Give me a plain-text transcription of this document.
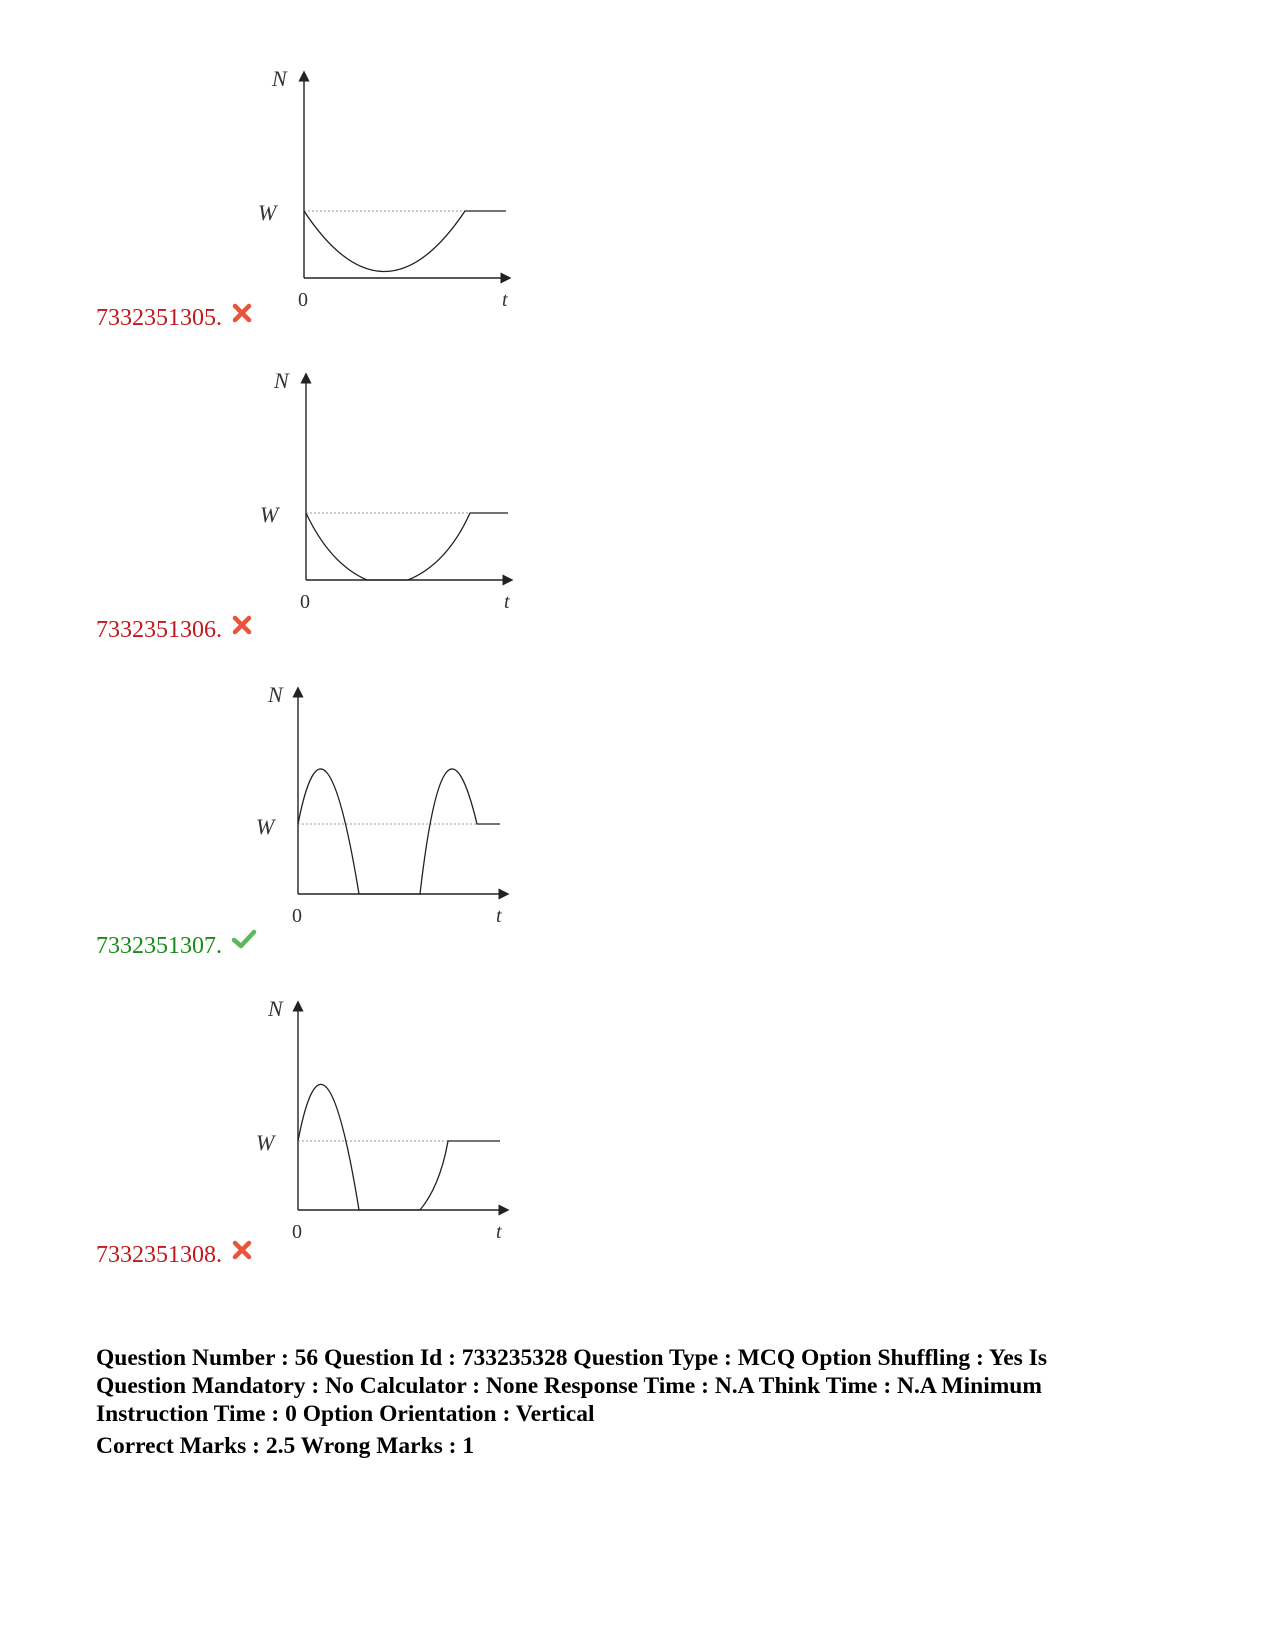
N
W
0	t
7332351305.
N
W
0	t
7332351306.
N
W
0	t
7332351307.
N
W
0	t
7332351308.
Question Number : 56 Question Id : 733235328 Question Type : MCQ Option Shuffling : Yes Is
Question Mandatory : No Calculator : None Response Time : N.A Think Time : N.A Minimum
Instruction Time : 0 Option Orientation : Vertical
Correct Marks : 2.5 Wrong Marks : 1
